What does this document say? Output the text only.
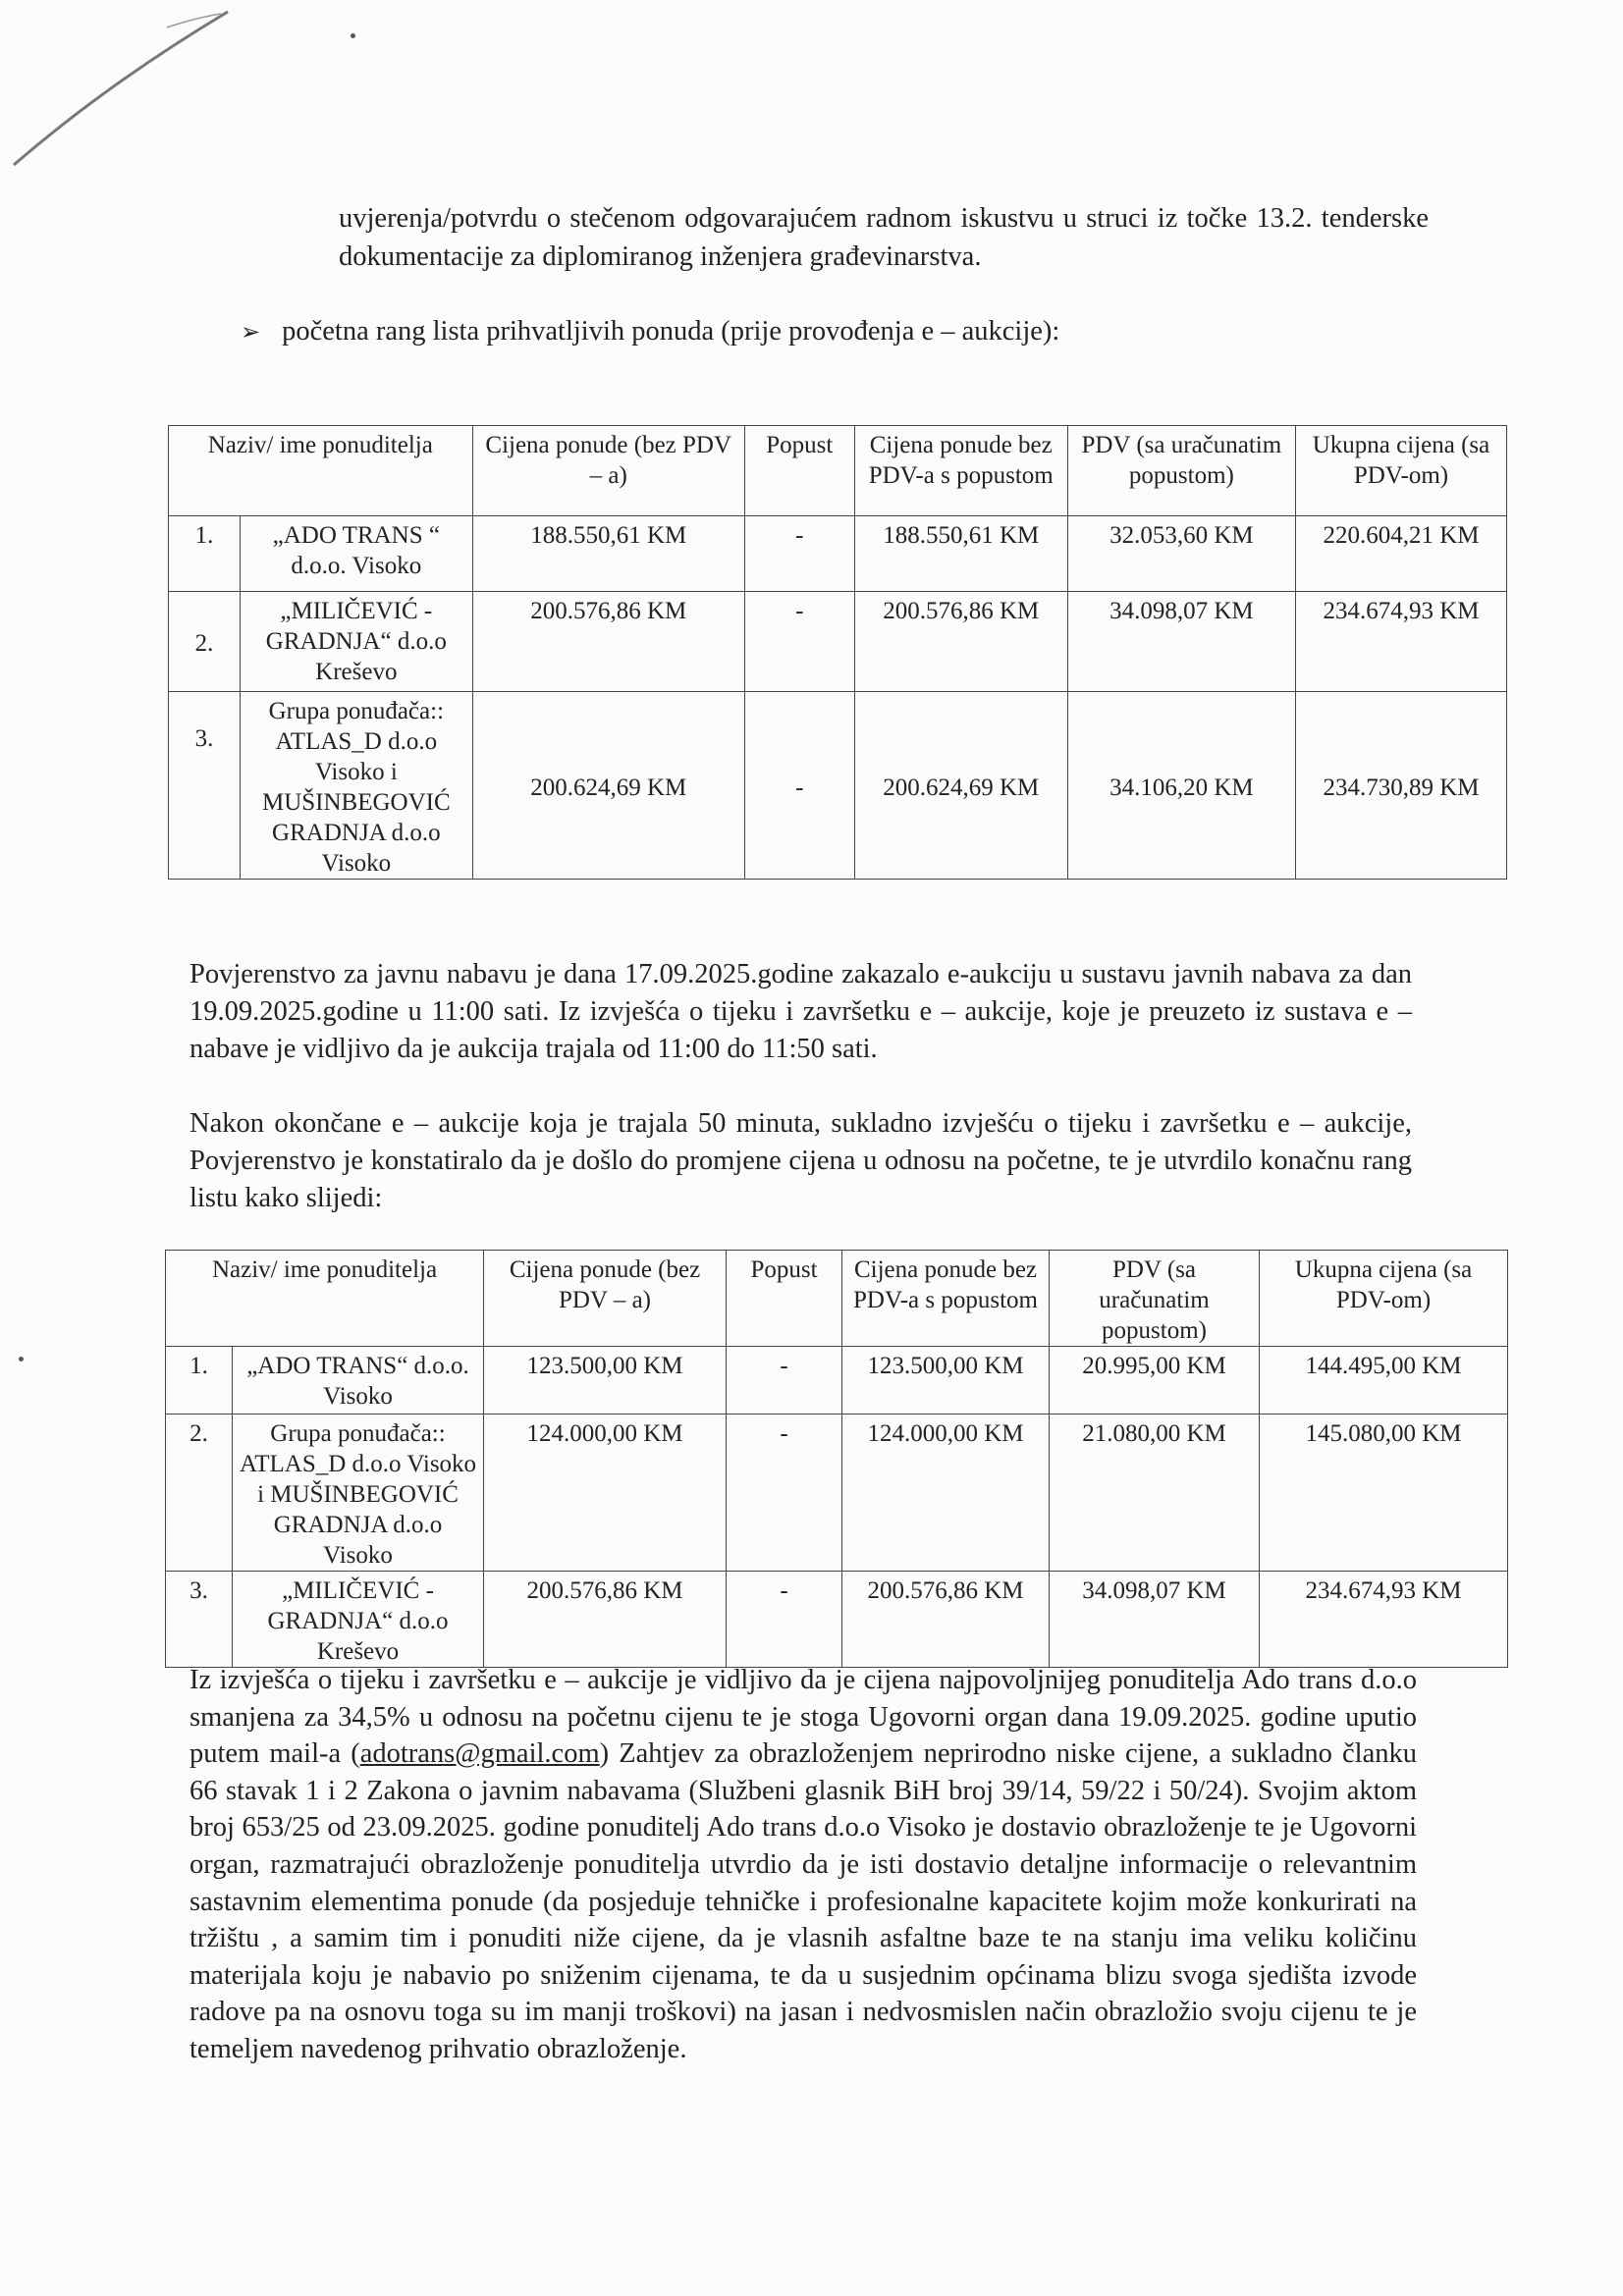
uvjerenja/potvrdu o stečenom odgovarajućem radnom iskustvu u struci iz točke 13.2. tenderske dokumentacije za diplomiranog inženjera građevinarstva.
➢ početna rang lista prihvatljivih ponuda (prije provođenja e – aukcije):
Naziv/ ime ponuditelja		Cijena ponude (bez PDV – a)	Popust	Cijena ponude bez PDV-a s popustom	PDV (sa uračunatim popustom)	Ukupna cijena (sa PDV-om)
1.	„ADO TRANS “ d.o.o. Visoko	188.550,61 KM	-	188.550,61 KM	32.053,60 KM	220.604,21 KM
2.	„MILIČEVIĆ - GRADNJA“ d.o.o Kreševo	200.576,86 KM	-	200.576,86 KM	34.098,07 KM	234.674,93 KM
3.	Grupa ponuđača:: ATLAS_D d.o.o Visoko i MUŠINBEGOVIĆ GRADNJA d.o.o Visoko	200.624,69 KM	-	200.624,69 KM	34.106,20 KM	234.730,89 KM
Povjerenstvo za javnu nabavu je dana 17.09.2025.godine zakazalo e-aukciju u sustavu javnih nabava za dan 19.09.2025.godine u 11:00 sati. Iz izvješća o tijeku i završetku e – aukcije, koje je preuzeto iz sustava e – nabave je vidljivo da je aukcija trajala od 11:00 do 11:50 sati.
Nakon okončane e – aukcije koja je trajala 50 minuta, sukladno izvješću o tijeku i završetku e – aukcije, Povjerenstvo je konstatiralo da je došlo do promjene cijena u odnosu na početne, te je utvrdilo konačnu rang listu kako slijedi:
Naziv/ ime ponuditelja		Cijena ponude (bez PDV – a)	Popust	Cijena ponude bez PDV-a s popustom	PDV (sa uračunatim popustom)	Ukupna cijena (sa PDV-om)
1.	„ADO TRANS“ d.o.o. Visoko	123.500,00 KM	-	123.500,00 KM	20.995,00 KM	144.495,00 KM
2.	Grupa ponuđača:: ATLAS_D d.o.o Visoko i MUŠINBEGOVIĆ GRADNJA d.o.o Visoko	124.000,00 KM	-	124.000,00 KM	21.080,00 KM	145.080,00 KM
3.	„MILIČEVIĆ - GRADNJA“ d.o.o Kreševo	200.576,86 KM	-	200.576,86 KM	34.098,07 KM	234.674,93 KM
Iz izvješća o tijeku i završetku e – aukcije je vidljivo da je cijena najpovoljnijeg ponuditelja Ado trans d.o.o smanjena za 34,5% u odnosu na početnu cijenu te je stoga Ugovorni organ dana 19.09.2025. godine uputio putem mail-a (adotrans@gmail.com) Zahtjev za obrazloženjem neprirodno niske cijene, a sukladno članku 66 stavak 1 i 2 Zakona o javnim nabavama (Službeni glasnik BiH broj 39/14, 59/22 i 50/24). Svojim aktom broj 653/25 od 23.09.2025. godine ponuditelj Ado trans d.o.o Visoko je dostavio obrazloženje te je Ugovorni organ, razmatrajući obrazloženje ponuditelja utvrdio da je isti dostavio detaljne informacije o relevantnim sastavnim elementima ponude (da posjeduje tehničke i profesionalne kapacitete kojim može konkurirati na tržištu , a samim tim i ponuditi niže cijene, da je vlasnih asfaltne baze te na stanju ima veliku količinu materijala koju je nabavio po sniženim cijenama, te da u susjednim općinama blizu svoga sjedišta izvode radove pa na osnovu toga su im manji troškovi) na jasan i nedvosmislen način obrazložio svoju cijenu te je temeljem navedenog prihvatio obrazloženje.
